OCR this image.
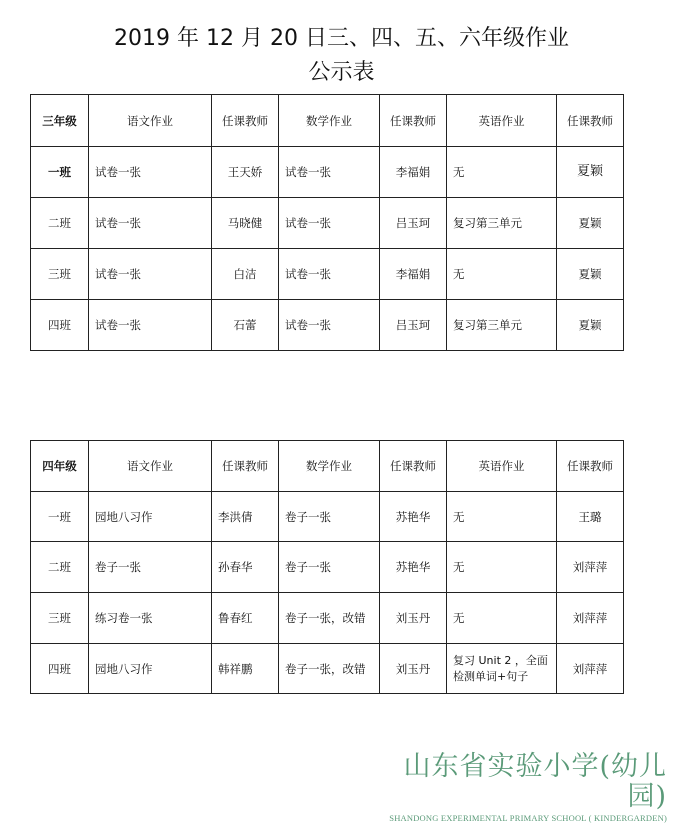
2019 年 12 月 20 日三、四、五、六年级作业
公示表
三年级	语文作业	任课教师	数学作业	任课教师	英语作业	任课教师
一班	试卷一张	王天娇	试卷一张	李福娟	无	夏颖
二班	试卷一张	马晓健	试卷一张	吕玉珂	复习第三单元	夏颖
三班	试卷一张	白洁	试卷一张	李福娟	无	夏颖
四班	试卷一张	石蕾	试卷一张	吕玉珂	复习第三单元	夏颖
四年级	语文作业	任课教师	数学作业	任课教师	英语作业	任课教师
一班	园地八习作	李洪倩	卷子一张	苏艳华	无	王璐
二班	卷子一张	孙春华	卷子一张	苏艳华	无	刘萍萍
三班	练习卷一张	鲁春红	卷子一张，改错	刘玉丹	无	刘萍萍
四班	园地八习作	韩祥鹏	卷子一张，改错	刘玉丹	复习 Unit 2 ，全面检测单词+句子	刘萍萍
山东省实验小学(幼儿园)
SHANDONG EXPERIMENTAL PRIMARY SCHOOL ( KINDERGARDEN)
